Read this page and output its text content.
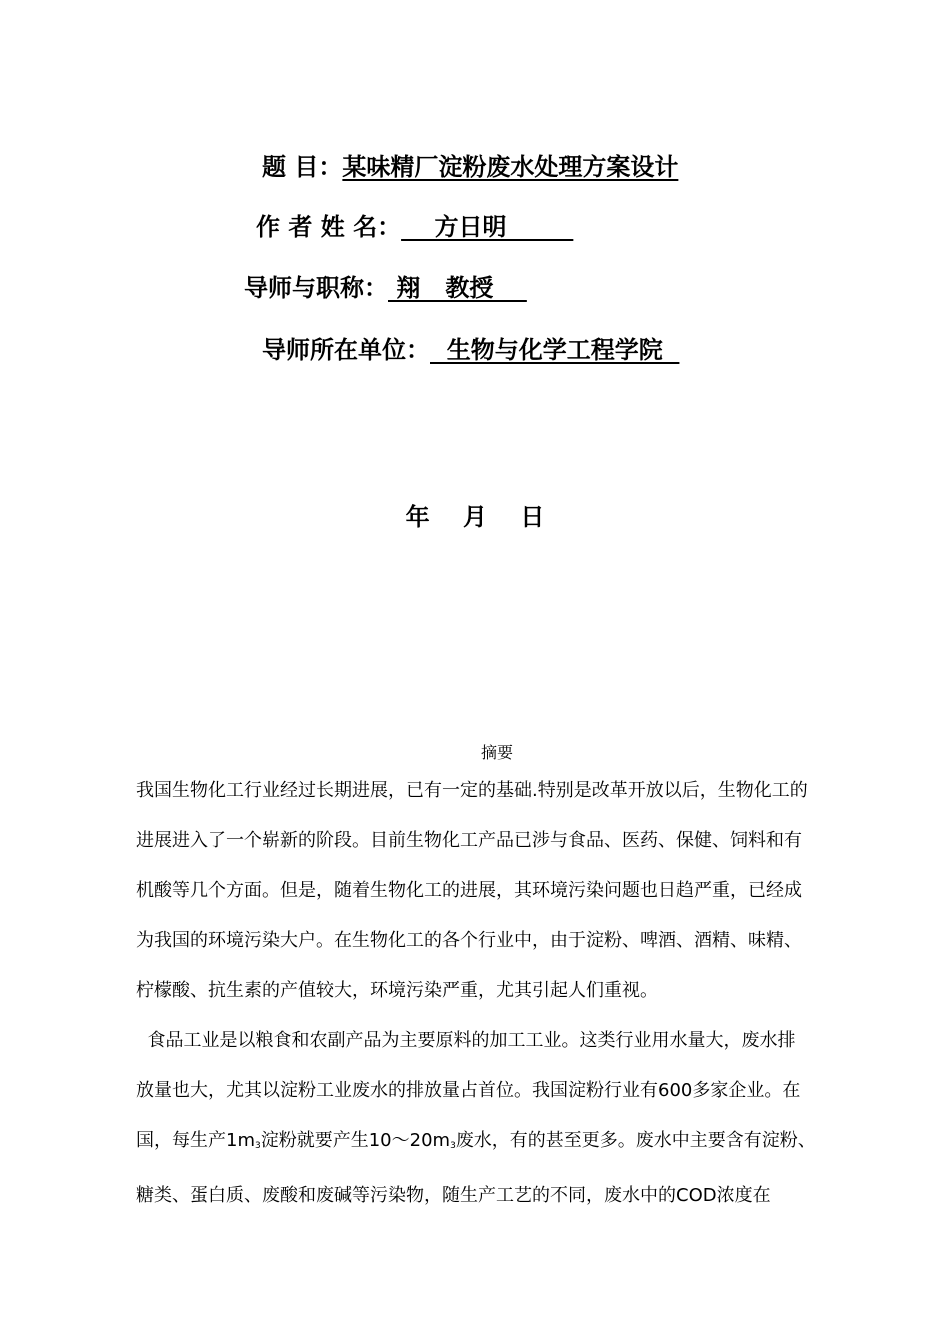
题 目：某味精厂淀粉废水处理方案设计
作 者 姓 名：    方日明
导师与职称： 翔   教授
导师所在单位：  生物与化学工程学院
年    月    日
摘要
我国生物化工行业经过长期进展，已有一定的基础.特别是改革开放以后，生物化工的
进展进入了一个崭新的阶段。目前生物化工产品已涉与食品、医药、保健、饲料和有
机酸等几个方面。但是，随着生物化工的进展，其环境污染问题也日趋严重，已经成
为我国的环境污染大户。在生物化工的各个行业中，由于淀粉、啤酒、酒精、味精、
柠檬酸、抗生素的产值较大，环境污染严重，尤其引起人们重视。
食品工业是以粮食和农副产品为主要原料的加工工业。这类行业用水量大，废水排
放量也大，尤其以淀粉工业废水的排放量占首位。我国淀粉行业有600多家企业。在
国，每生产$1m_3$淀粉就要产生$10\sim 20m_3$废水，有的甚至更多。废水中主要含有淀粉、
糖类、蛋白质、废酸和废碱等污染物，随生产工艺的不同，废水中的COD浓度在
